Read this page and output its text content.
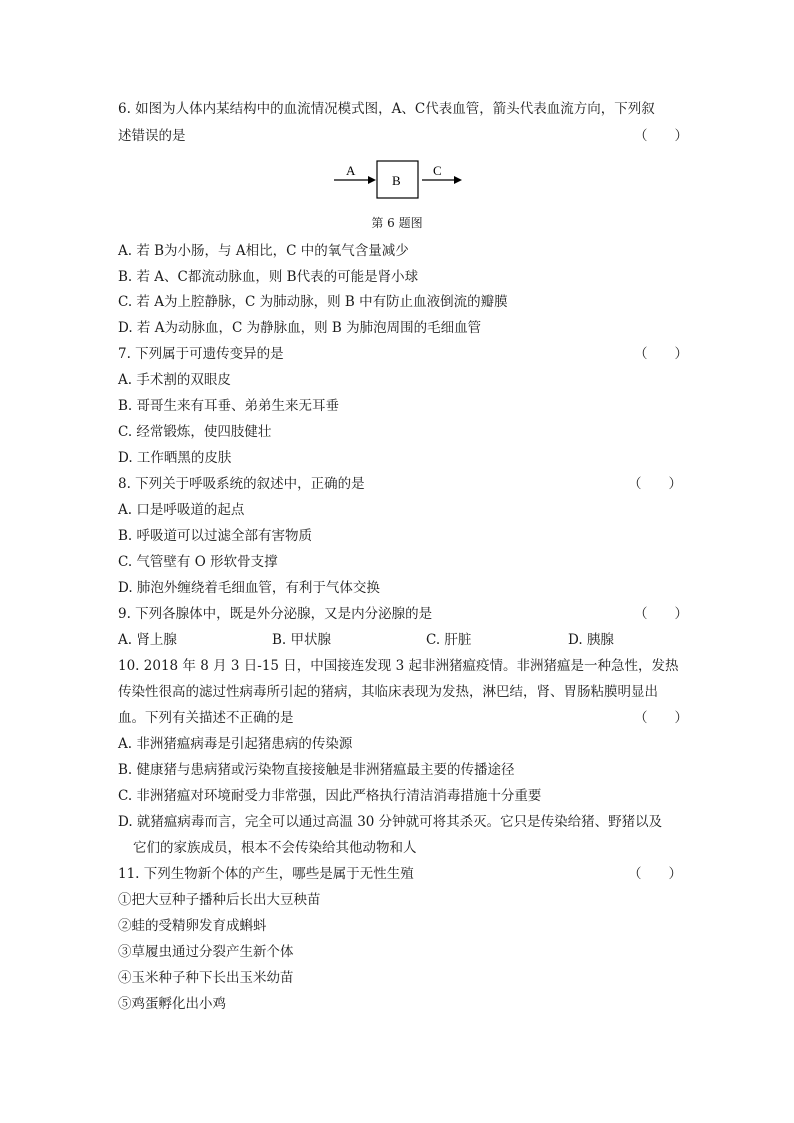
6. 如图为人体内某结构中的血流情况模式图，A、C代表血管，箭头代表血流方向，下列叙
述错误的是	（　　）
A
B
C
第 6 题图
A. 若 B为小肠，与 A相比，C 中的氧气含量减少
B. 若 A、C都流动脉血，则 B代表的可能是肾小球
C. 若 A为上腔静脉，C 为肺动脉，则 B 中有防止血液倒流的瓣膜
D. 若 A为动脉血，C 为静脉血，则 B 为肺泡周围的毛细血管
7. 下列属于可遗传变异的是	（　　）
A. 手术割的双眼皮
B. 哥哥生来有耳垂、弟弟生来无耳垂
C. 经常锻炼，使四肢健壮
D. 工作晒黑的皮肤
8. 下列关于呼吸系统的叙述中，正确的是	（　　）
A. 口是呼吸道的起点
B. 呼吸道可以过滤全部有害物质
C. 气管壁有 O 形软骨支撑
D. 肺泡外缠绕着毛细血管，有利于气体交换
9. 下列各腺体中，既是外分泌腺，又是内分泌腺的是	（　　）
A. 肾上腺	B. 甲状腺	C. 肝脏	D. 胰腺
10. 2018 年 8 月 3 日-15 日，中国接连发现 3 起非洲猪瘟疫情。非洲猪瘟是一种急性，发热
传染性很高的滤过性病毒所引起的猪病，其临床表现为发热，淋巴结，肾、胃肠粘膜明显出
血。下列有关描述不正确的是	（　　）
A. 非洲猪瘟病毒是引起猪患病的传染源
B. 健康猪与患病猪或污染物直接接触是非洲猪瘟最主要的传播途径
C. 非洲猪瘟对环境耐受力非常强，因此严格执行清洁消毒措施十分重要
D. 就猪瘟病毒而言，完全可以通过高温 30 分钟就可将其杀灭。它只是传染给猪、野猪以及
它们的家族成员，根本不会传染给其他动物和人
11. 下列生物新个体的产生，哪些是属于无性生殖	（　　）
①把大豆种子播种后长出大豆秧苗
②蛙的受精卵发育成蝌蚪
③草履虫通过分裂产生新个体
④玉米种子种下长出玉米幼苗
⑤鸡蛋孵化出小鸡
